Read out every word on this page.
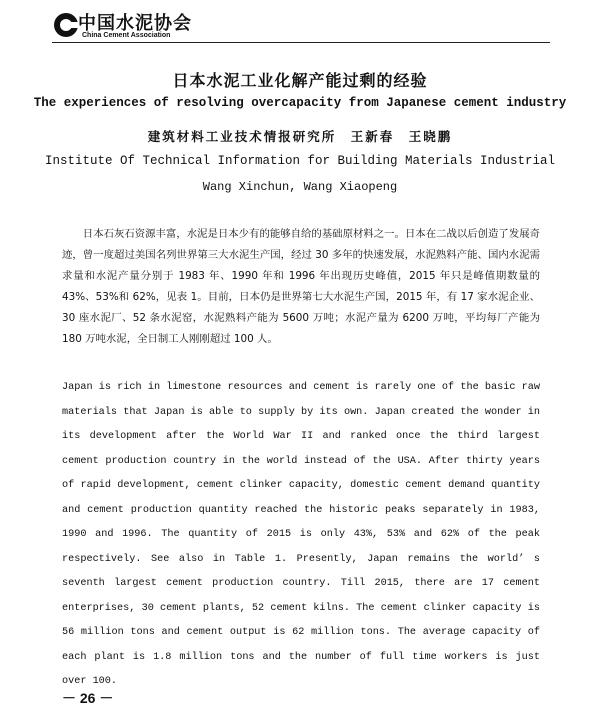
中国水泥协会
China Cement Association
日本水泥工业化解产能过剩的经验
The experiences of resolving overcapacity from Japanese cement industry
建筑材料工业技术情报研究所　王新春　王晓鹏
Institute Of Technical Information for Building Materials Industrial
Wang Xinchun, Wang Xiaopeng

日本石灰石资源丰富，水泥是日本少有的能够自给的基础原材料之一。日本在二战以后创造了发展奇迹，曾一度超过美国名列世界第三大水泥生产国，经过 30 多年的快速发展，水泥熟料产能、国内水泥需求量和水泥产量分别于 1983 年、1990 年和 1996 年出现历史峰值，2015 年只是峰值期数量的 43%、53%和 62%，见表 1。目前，日本仍是世界第七大水泥生产国，2015 年，有 17 家水泥企业、30 座水泥厂、52 条水泥窑，水泥熟料产能为 5600 万吨；水泥产量为 6200 万吨，平均每厂产能为 180 万吨水泥，全日制工人刚刚超过 100 人。

Japan is rich in limestone resources and cement is rarely one of the basic raw materials that Japan is able to supply by its own. Japan created the wonder in its development after the World War II and ranked once the third largest cement production country in the world instead of the USA. After thirty years of rapid development, cement clinker capacity, domestic cement demand quantity and cement production quantity reached the historic peaks separately in 1983, 1990 and 1996. The quantity of 2015 is only 43%, 53% and 62% of the peak respectively. See also in Table 1. Presently, Japan remains the world’ s seventh largest cement production country. Till 2015, there are 17 cement enterprises, 30 cement plants, 52 cement kilns. The cement clinker capacity is 56 million tons and cement output is 62 million tons. The average capacity of each plant is 1.8 million tons and the number of full time workers is just over 100.

－ 26 －
